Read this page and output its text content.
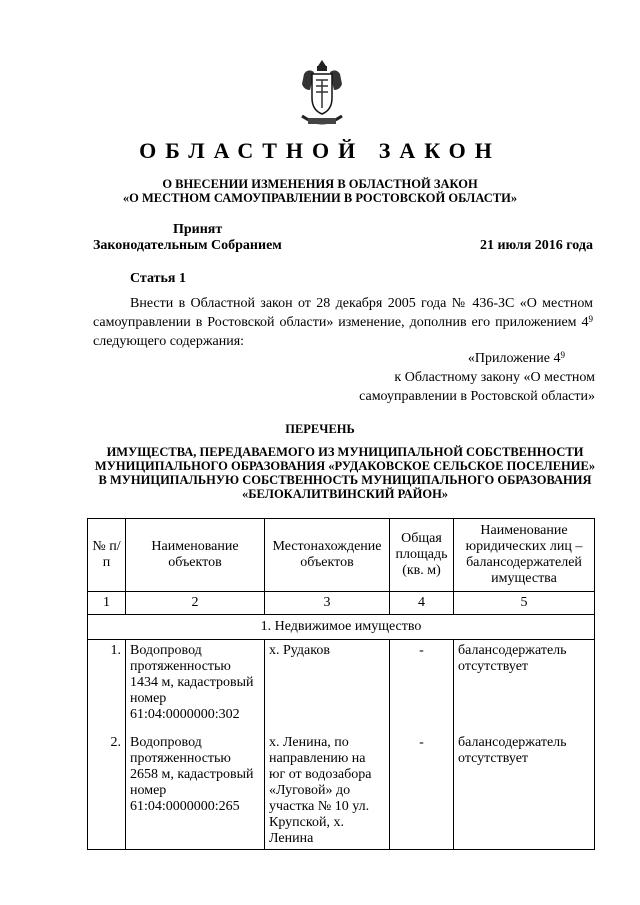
ОБЛАСТНОЙ ЗАКОН
О ВНЕСЕНИИ ИЗМЕНЕНИЯ В ОБЛАСТНОЙ ЗАКОН
«О МЕСТНОМ САМОУПРАВЛЕНИИ В РОСТОВСКОЙ ОБЛАСТИ»
Принят
Законодательным Собранием	21 июля 2016 года
Статья 1

Внести в Областной закон от 28 декабря 2005 года № 436-ЗС «О местном самоуправлении в Ростовской области» изменение, дополнив его приложением $4^9$ следующего содержания:

«Приложение $4^9$
к Областному закону «О местном
самоуправлении в Ростовской области»
ПЕРЕЧЕНЬ
ИМУЩЕСТВА, ПЕРЕДАВАЕМОГО ИЗ МУНИЦИПАЛЬНОЙ СОБСТВЕННОСТИ МУНИЦИПАЛЬНОГО ОБРАЗОВАНИЯ «РУДАКОВСКОЕ СЕЛЬСКОЕ ПОСЕЛЕНИЕ» В МУНИЦИПАЛЬНУЮ СОБСТВЕННОСТЬ МУНИЦИПАЛЬНОГО ОБРАЗОВАНИЯ «БЕЛОКАЛИТВИНСКИЙ РАЙОН»
№ п/п	Наименование объектов	Местонахождение объектов	Общая площадь (кв. м)	Наименование юридических лиц – балансодержателей имущества
1	2	3	4	5
1. Недвижимое имущество				
1.	Водопровод протяженностью 1434 м, кадастровый номер 61:04:0000000:302	х. Рудаков	-	балансодержатель отсутствует
2.	Водопровод протяженностью 2658 м, кадастровый номер 61:04:0000000:265	х. Ленина, по направлению на юг от водозабора «Луговой» до участка № 10 ул. Крупской, х. Ленина	-	балансодержатель отсутствует
